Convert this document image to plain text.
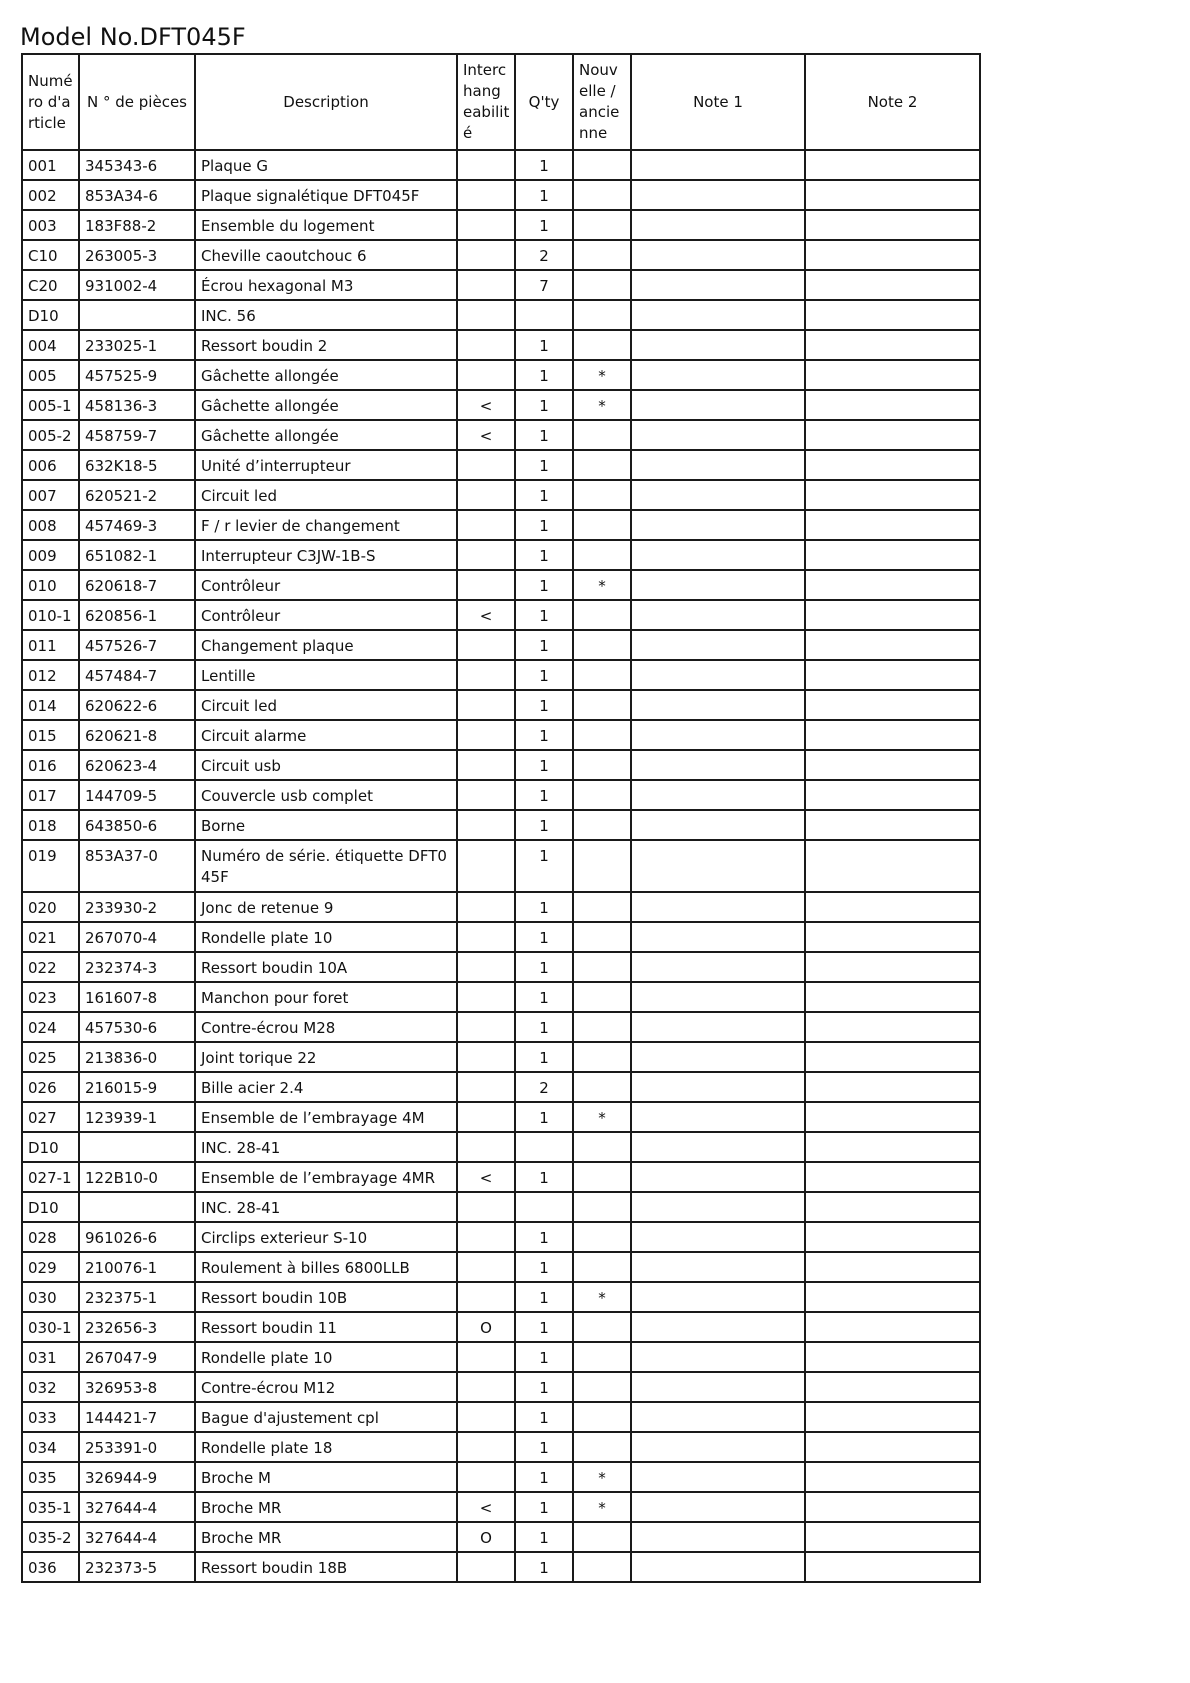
Model No.DFT045F
Numé ro d'a rticle	N ° de pièces	Description	Interc hang eabilit é	Q'ty	Nouv elle / ancie nne	Note 1	Note 2
001	345343-6	Plaque G		1			
002	853A34-6	Plaque signalétique DFT045F		1			
003	183F88-2	Ensemble du logement		1			
C10	263005-3	Cheville caoutchouc 6		2			
C20	931002-4	Écrou hexagonal M3		7			
D10		INC. 56					
004	233025-1	Ressort boudin 2		1			
005	457525-9	Gâchette allongée		1	*		
005-1	458136-3	Gâchette allongée	<	1	*		
005-2	458759-7	Gâchette allongée	<	1			
006	632K18-5	Unité d’interrupteur		1			
007	620521-2	Circuit led		1			
008	457469-3	F / r levier de changement		1			
009	651082-1	Interrupteur C3JW-1B-S		1			
010	620618-7	Contrôleur		1	*		
010-1	620856-1	Contrôleur	<	1			
011	457526-7	Changement plaque		1			
012	457484-7	Lentille		1			
014	620622-6	Circuit led		1			
015	620621-8	Circuit alarme		1			
016	620623-4	Circuit usb		1			
017	144709-5	Couvercle usb complet		1			
018	643850-6	Borne		1			
019	853A37-0	Numéro de série. étiquette DFT0 45F		1			
020	233930-2	Jonc de retenue 9		1			
021	267070-4	Rondelle plate 10		1			
022	232374-3	Ressort boudin 10A		1			
023	161607-8	Manchon pour foret		1			
024	457530-6	Contre-écrou M28		1			
025	213836-0	Joint torique 22		1			
026	216015-9	Bille acier 2.4		2			
027	123939-1	Ensemble de l’embrayage 4M		1	*		
D10		INC. 28-41					
027-1	122B10-0	Ensemble de l’embrayage 4MR	<	1			
D10		INC. 28-41					
028	961026-6	Circlips exterieur S-10		1			
029	210076-1	Roulement à billes 6800LLB		1			
030	232375-1	Ressort boudin 10B		1	*		
030-1	232656-3	Ressort boudin 11	O	1			
031	267047-9	Rondelle plate 10		1			
032	326953-8	Contre-écrou M12		1			
033	144421-7	Bague d'ajustement cpl		1			
034	253391-0	Rondelle plate 18		1			
035	326944-9	Broche M		1	*		
035-1	327644-4	Broche MR	<	1	*		
035-2	327644-4	Broche MR	O	1			
036	232373-5	Ressort boudin 18B		1			
